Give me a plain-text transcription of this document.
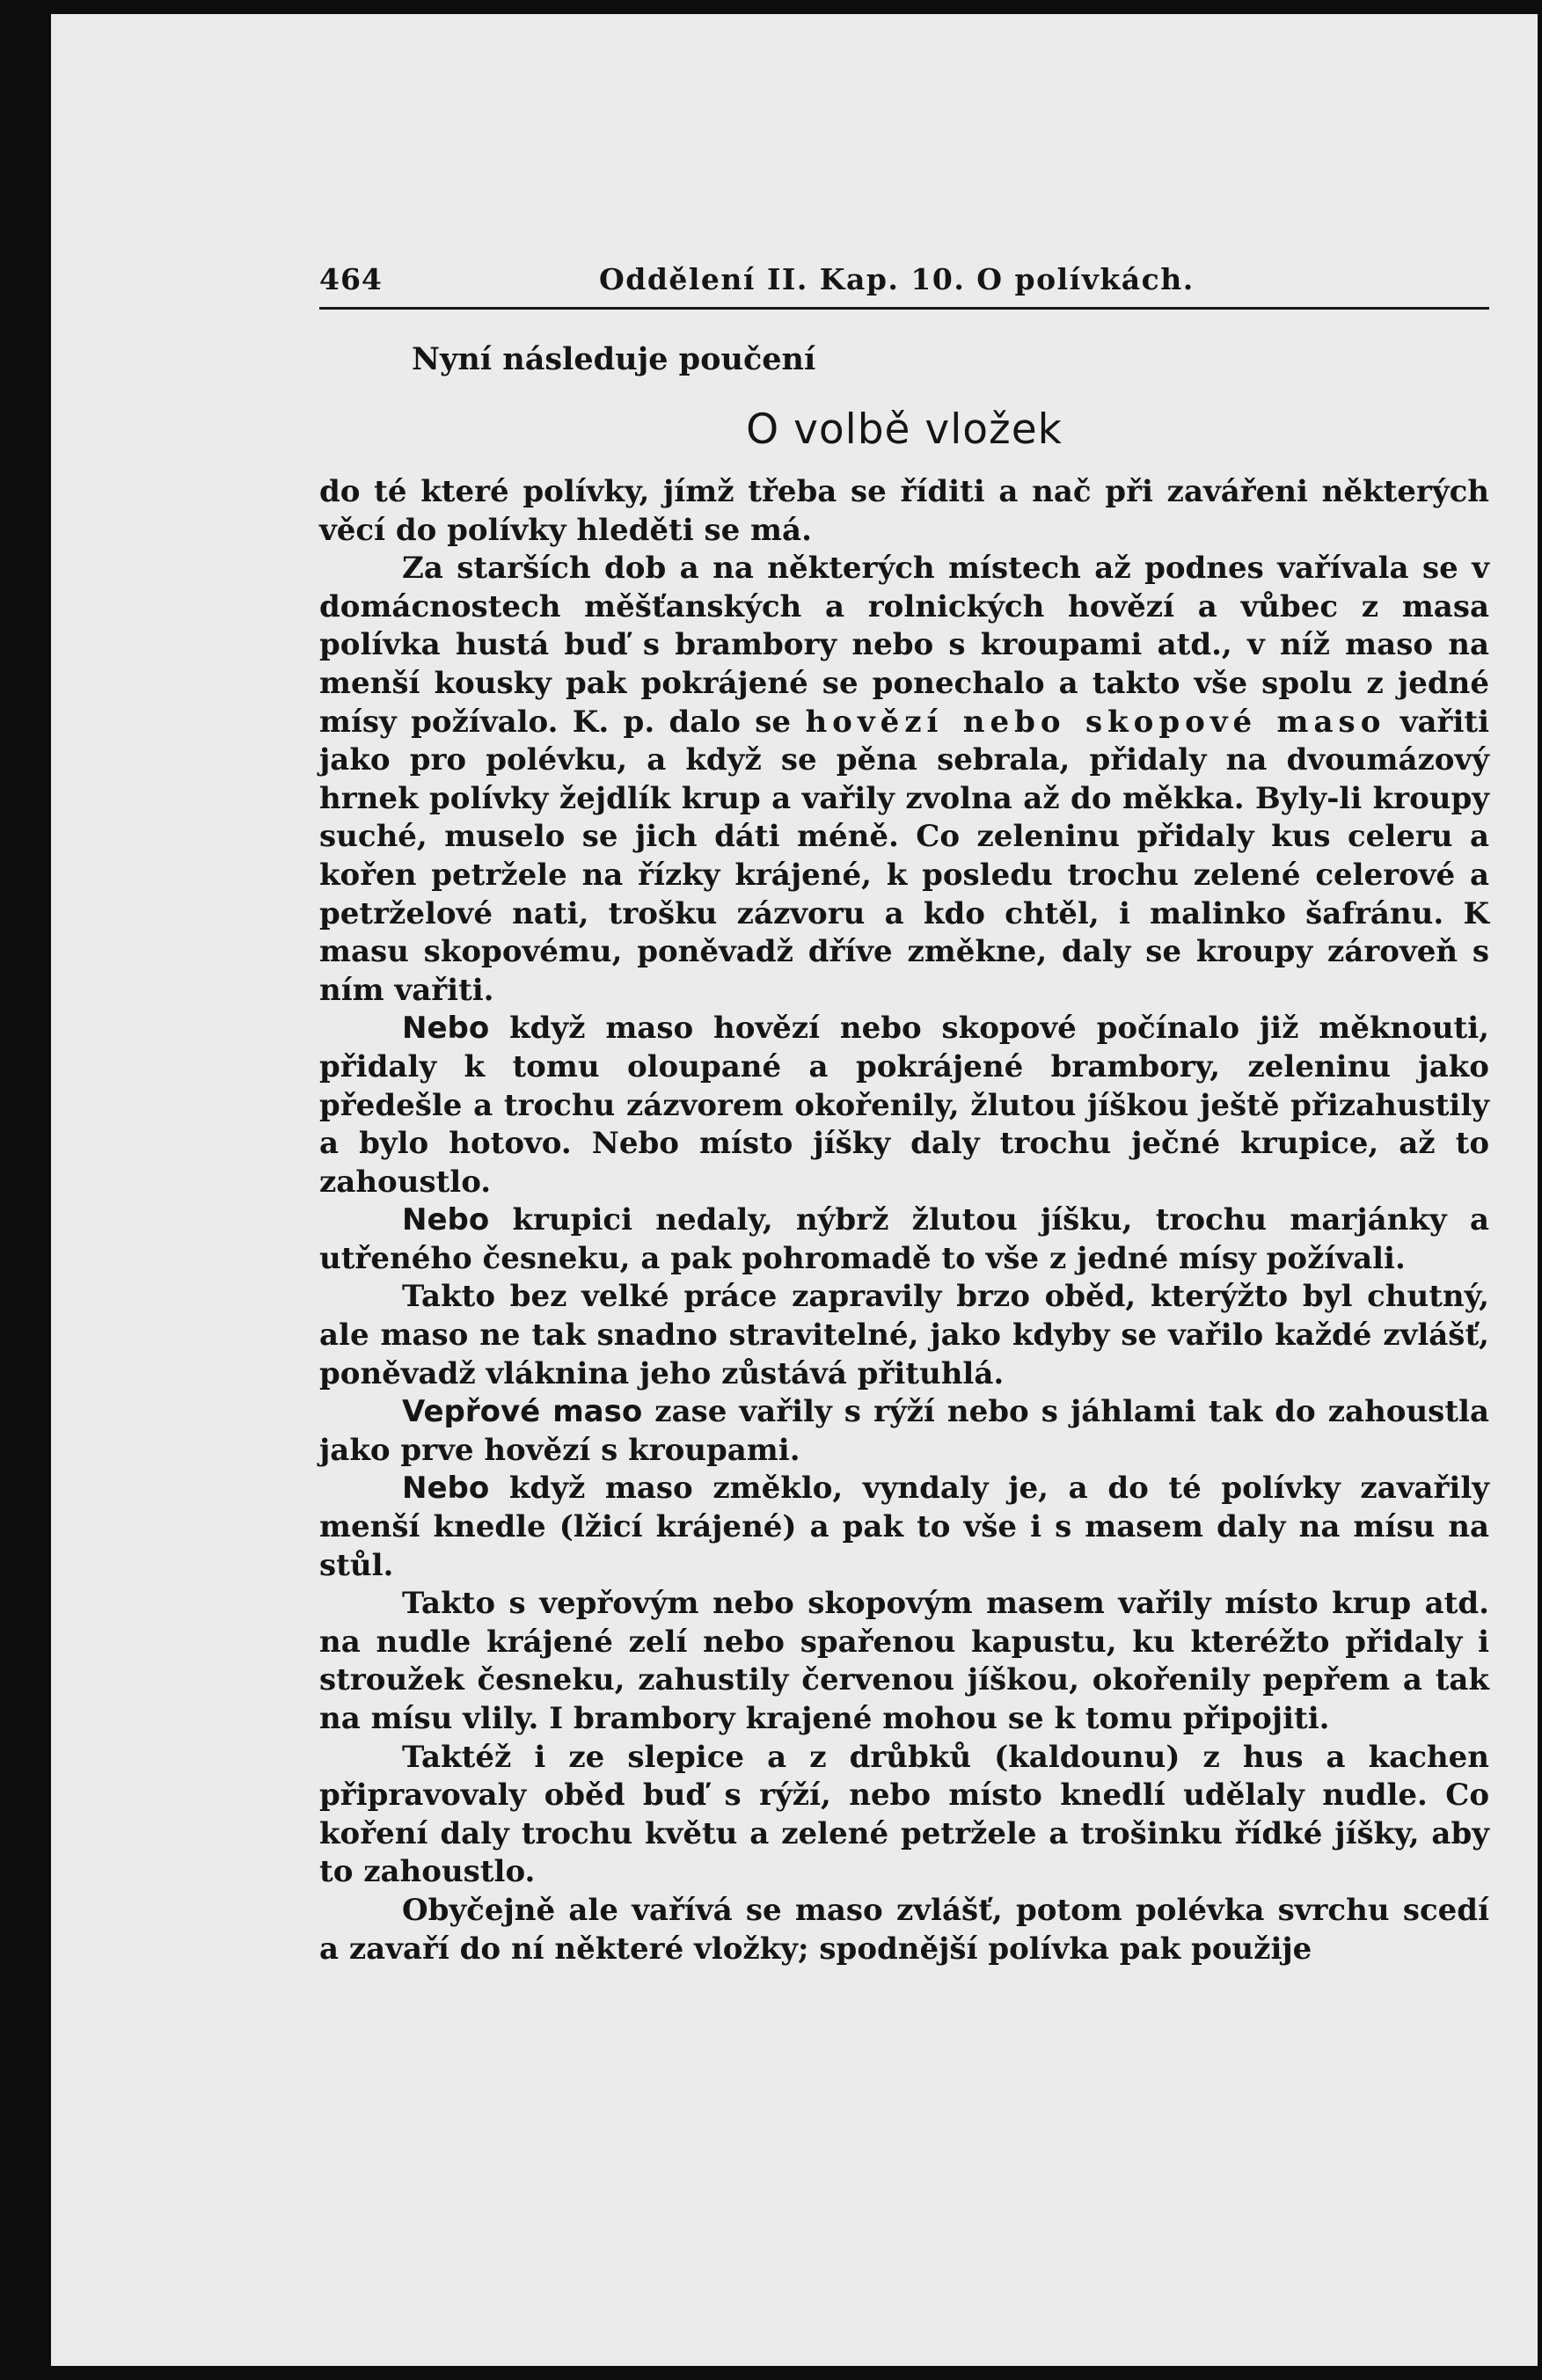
464	Oddělení II. Kap. 10. O polívkách.
Nyní následuje poučení
O volbě vložek

do té které polívky, jímž třeba se říditi a nač při zavářeni některých věcí do polívky hleděti se má.

Za starších dob a na některých místech až podnes vařívala se v domácnostech měšťanských a rolnických hovězí a vůbec z masa polívka hustá buď s brambory nebo s kroupami atd., v níž maso na menší kousky pak pokrájené se ponechalo a takto vše spolu z jedné mísy požívalo. K. p. dalo se hovězí nebo skopové maso vařiti jako pro polévku, a když se pěna sebrala, přidaly na dvoumázový hrnek polívky žejdlík krup a vařily zvolna až do měkka. Byly-li kroupy suché, muselo se jich dáti méně. Co zeleninu přidaly kus celeru a kořen petržele na řízky krájené, k posledu trochu zelené celerové a petrželové nati, trošku zázvoru a kdo chtěl, i malinko šafránu. K masu skopovému, poněvadž dříve změkne, daly se kroupy zároveň s ním vařiti.

Nebo když maso hovězí nebo skopové počínalo již měknouti, přidaly k tomu oloupané a pokrájené brambory, zeleninu jako předešle a trochu zázvorem okořenily, žlutou jíškou ještě přizahustily a bylo hotovo. Nebo místo jíšky daly trochu ječné krupice, až to zahoustlo.

Nebo krupici nedaly, nýbrž žlutou jíšku, trochu marjánky a utřeného česneku, a pak pohromadě to vše z jedné mísy požívali.

Takto bez velké práce zapravily brzo oběd, kterýžto byl chutný, ale maso ne tak snadno stravitelné, jako kdyby se vařilo každé zvlášť, poněvadž vláknina jeho zůstává přituhlá.

Vepřové maso zase vařily s rýží nebo s jáhlami tak do zahoustla jako prve hovězí s kroupami.

Nebo když maso změklo, vyndaly je, a do té polívky zavařily menší knedle (lžicí krájené) a pak to vše i s masem daly na mísu na stůl.

Takto s vepřovým nebo skopovým masem vařily místo krup atd. na nudle krájené zelí nebo spařenou kapustu, ku kteréžto přidaly i stroužek česneku, zahustily červenou jíškou, okořenily pepřem a tak na mísu vlily. I brambory krajené mohou se k tomu připojiti.

Taktéž i ze slepice a z drůbků (kaldounu) z hus a kachen připravovaly oběd buď s rýží, nebo místo knedlí udělaly nudle. Co koření daly trochu květu a zelené petržele a trošinku řídké jíšky, aby to zahoustlo.

Obyčejně ale vařívá se maso zvlášť, potom polévka svrchu scedí a zavaří do ní některé vložky; spodnější polívka pak použije
